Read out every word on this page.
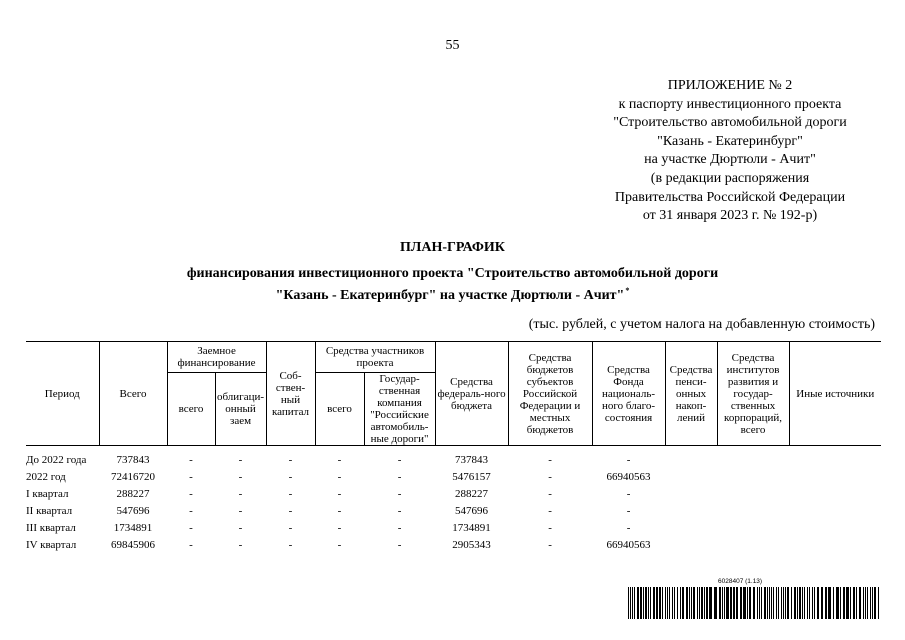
55
ПРИЛОЖЕНИЕ № 2
к паспорту инвестиционного проекта
"Строительство автомобильной дороги
"Казань - Екатеринбург"
на участке Дюртюли - Ачит"
(в редакции распоряжения
Правительства Российской Федерации
от 31 января 2023 г. № 192-р)
ПЛАН-ГРАФИК
финансирования инвестиционного проекта "Строительство автомобильной дороги
"Казань - Екатеринбург" на участке Дюртюли - Ачит"*
(тыс. рублей, с учетом налога на добавленную стоимость)
Период	Всего	Заемное финансирование		Соб-ствен-ный капитал	Средства участников проекта		Средства федераль-ного бюджета	Средства бюджетов субъектов Российской Федерации и местных бюджетов	Средства Фонда националь-ного благо-состояния	Средства пенси-онных накоп-лений	Средства институтов развития и государ-ственных корпораций, всего	Иные источники
		всего	облигаци-онный заем		всего	Государ-ственная компания "Российские автомобиль-ные дороги"						
До 2022 года	737843	-	-	-	-	-	737843	-	-			
2022 год	72416720	-	-	-	-	-	5476157	-	66940563			
I квартал	288227	-	-	-	-	-	288227	-	-			
II квартал	547696	-	-	-	-	-	547696	-	-			
III квартал	1734891	-	-	-	-	-	1734891	-	-			
IV квартал	69845906	-	-	-	-	-	2905343	-	66940563			
6028407 (1.13)
